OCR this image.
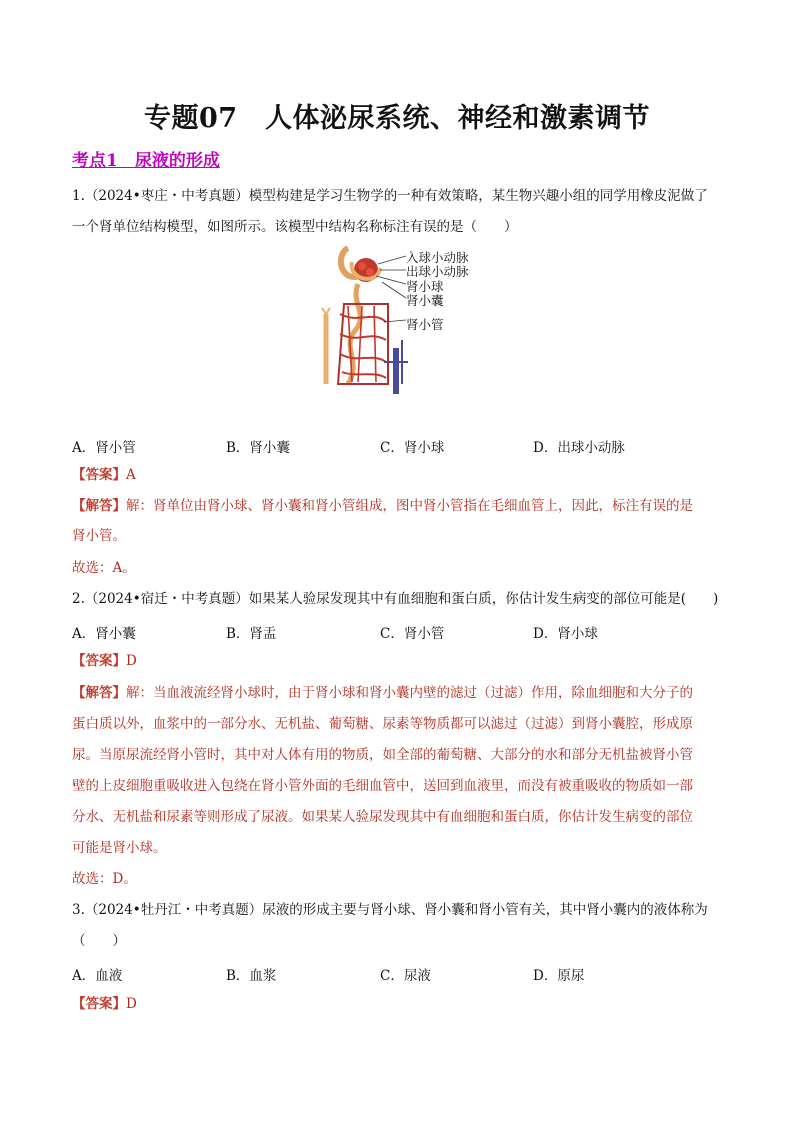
专题07　人体泌尿系统、神经和激素调节
考点1　尿液的形成
1.（2024•枣庄・中考真题）模型构建是学习生物学的一种有效策略，某生物兴趣小组的同学用橡皮泥做了
一个肾单位结构模型，如图所示。该模型中结构名称标注有误的是（　　）
入球小动脉
出球小动脉
肾小球
肾小囊
肾小管
A．肾小管	B．肾小囊	C．肾小球	D．出球小动脉
【答案】A
【解答】解：肾单位由肾小球、肾小囊和肾小管组成，图中肾小管指在毛细血管上，因此，标注有误的是
肾小管。
故选：A。
2.（2024•宿迁・中考真题）如果某人验尿发现其中有血细胞和蛋白质，你估计发生病变的部位可能是(　　)
A．肾小囊	B．肾盂	C．肾小管	D．肾小球
【答案】D
【解答】解：当血液流经肾小球时，由于肾小球和肾小囊内壁的滤过（过滤）作用，除血细胞和大分子的
蛋白质以外，血浆中的一部分水、无机盐、葡萄糖、尿素等物质都可以滤过（过滤）到肾小囊腔，形成原
尿。当原尿流经肾小管时，其中对人体有用的物质，如全部的葡萄糖、大部分的水和部分无机盐被肾小管
壁的上皮细胞重吸收进入包绕在肾小管外面的毛细血管中，送回到血液里，而没有被重吸收的物质如一部
分水、无机盐和尿素等则形成了尿液。如果某人验尿发现其中有血细胞和蛋白质，你估计发生病变的部位
可能是肾小球。
故选：D。
3.（2024•牡丹江・中考真题）尿液的形成主要与肾小球、肾小囊和肾小管有关，其中肾小囊内的液体称为
（　　）
A．血液	B．血浆	C．尿液	D．原尿
【答案】D
